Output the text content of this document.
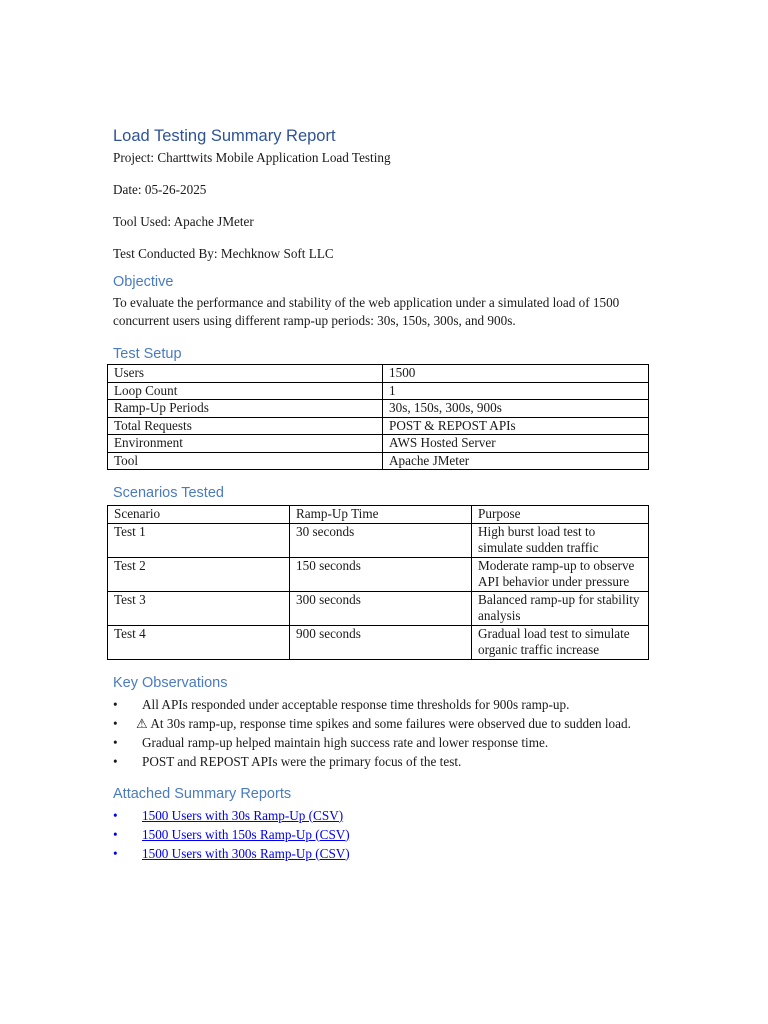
Load Testing Summary Report

Project: Charttwits Mobile Application Load Testing

Date: 05-26-2025

Tool Used: Apache JMeter

Test Conducted By: Mechknow Soft LLC

Objective

To evaluate the performance and stability of the web application under a simulated load of 1500 concurrent users using different ramp-up periods: 30s, 150s, 300s, and 900s.

Test Setup
Users	1500
Loop Count	1
Ramp-Up Periods	30s, 150s, 300s, 900s
Total Requests	POST & REPOST APIs
Environment	AWS Hosted Server
Tool	Apache JMeter
Scenarios Tested
Scenario	Ramp-Up Time	Purpose
Test 1	30 seconds	High burst load test to simulate sudden traffic
Test 2	150 seconds	Moderate ramp-up to observe API behavior under pressure
Test 3	300 seconds	Balanced ramp-up for stability analysis
Test 4	900 seconds	Gradual load test to simulate organic traffic increase
Key Observations
•	All APIs responded under acceptable response time thresholds for 900s ramp-up.
•	⚠ At 30s ramp-up, response time spikes and some failures were observed due to sudden load.
•	Gradual ramp-up helped maintain high success rate and lower response time.
•	POST and REPOST APIs were the primary focus of the test.
Attached Summary Reports
• 1500 Users with 30s Ramp-Up (CSV)
• 1500 Users with 150s Ramp-Up (CSV)
• 1500 Users with 300s Ramp-Up (CSV)
